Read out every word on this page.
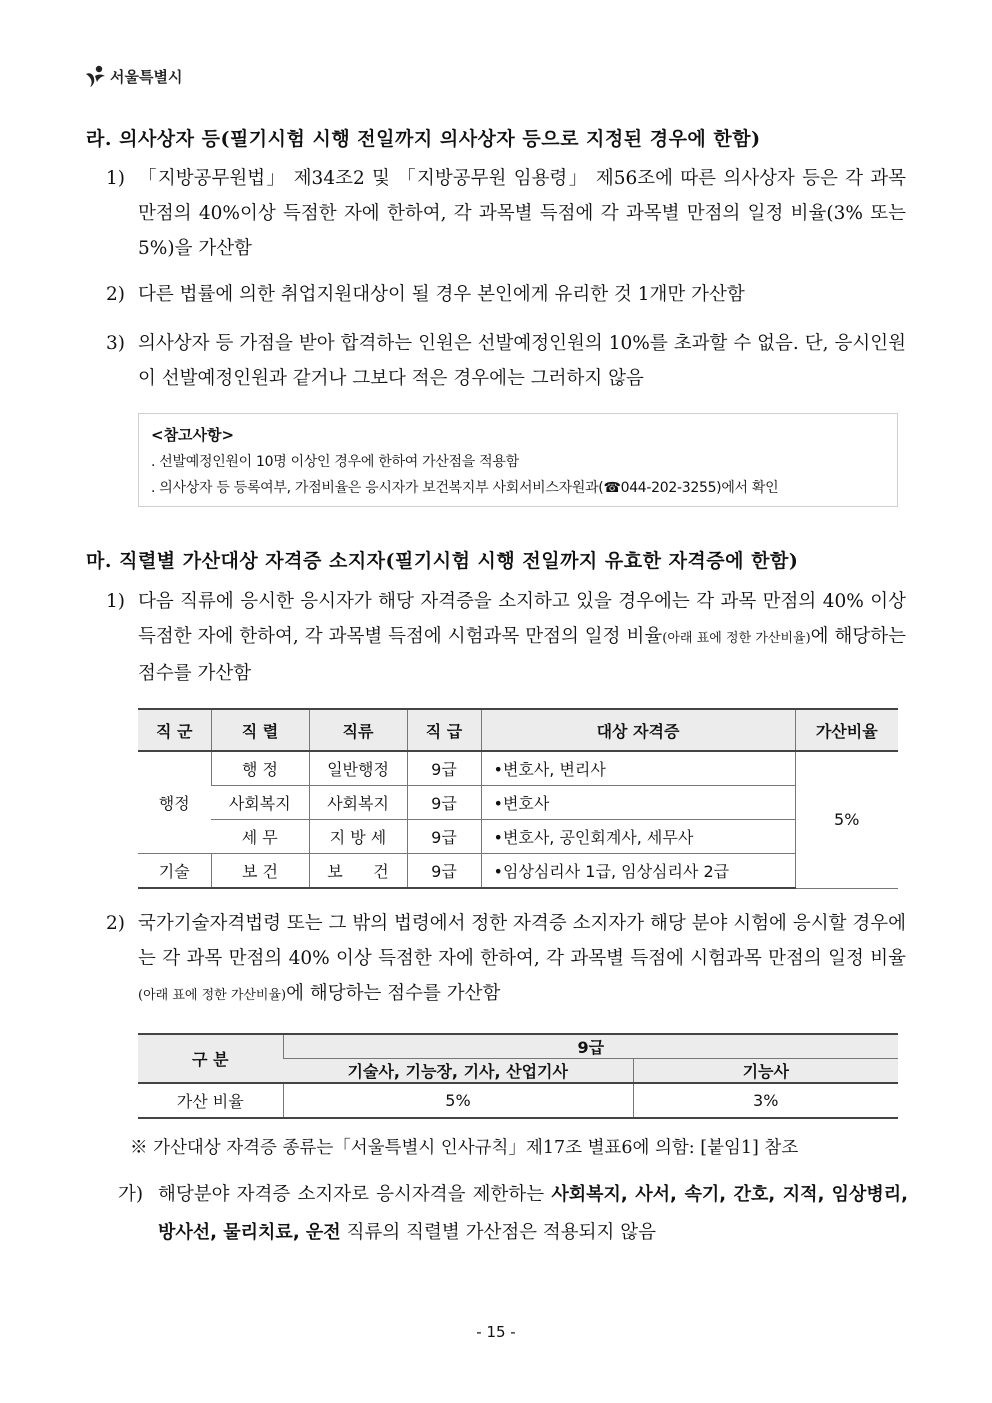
서울특별시
라. 의사상자 등(필기시험 시행 전일까지 의사상자 등으로 지정된 경우에 한함)
1) 「지방공무원법」 제34조2 및 「지방공무원 임용령」 제56조에 따른 의사상자 등은 각 과목 만점의 40%이상 득점한 자에 한하여, 각 과목별 득점에 각 과목별 만점의 일정 비율(3% 또는 5%)을 가산함
2) 다른 법률에 의한 취업지원대상이 될 경우 본인에게 유리한 것 1개만 가산함
3) 의사상자 등 가점을 받아 합격하는 인원은 선발예정인원의 10%를 초과할 수 없음. 단, 응시인원이 선발예정인원과 같거나 그보다 적은 경우에는 그러하지 않음
<참고사항>
. 선발예정인원이 10명 이상인 경우에 한하여 가산점을 적용함
. 의사상자 등 등록여부, 가점비율은 응시자가 보건복지부 사회서비스자원과(☎044-202-3255)에서 확인
마. 직렬별 가산대상 자격증 소지자(필기시험 시행 전일까지 유효한 자격증에 한함)
1) 다음 직류에 응시한 응시자가 해당 자격증을 소지하고 있을 경우에는 각 과목 만점의 40% 이상 득점한 자에 한하여, 각 과목별 득점에 시험과목 만점의 일정 비율(아래 표에 정한 가산비율)에 해당하는 점수를 가산함
직 군	직 렬	직류	직 급	대상 자격증	가산비율
행정	행 정	일반행정	9급	•변호사, 변리사	5%
	사회복지	사회복지	9급	•변호사	
	세 무	지 방 세	9급	•변호사, 공인회계사, 세무사	
기술	보 건	보      건	9급	•임상심리사 1급, 임상심리사 2급	
2) 국가기술자격법령 또는 그 밖의 법령에서 정한 자격증 소지자가 해당 분야 시험에 응시할 경우에는 각 과목 만점의 40% 이상 득점한 자에 한하여, 각 과목별 득점에 시험과목 만점의 일정 비율(아래 표에 정한 가산비율)에 해당하는 점수를 가산함
구 분	9급	
	기술사, 기능장, 기사, 산업기사	기능사
가산 비율	5%	3%
※ 가산대상 자격증 종류는「서울특별시 인사규칙」제17조 별표6에 의함: [붙임1] 참조
가) 해당분야 자격증 소지자로 응시자격을 제한하는 사회복지, 사서, 속기, 간호, 지적, 임상병리, 방사선, 물리치료, 운전 직류의 직렬별 가산점은 적용되지 않음
- 15 -
